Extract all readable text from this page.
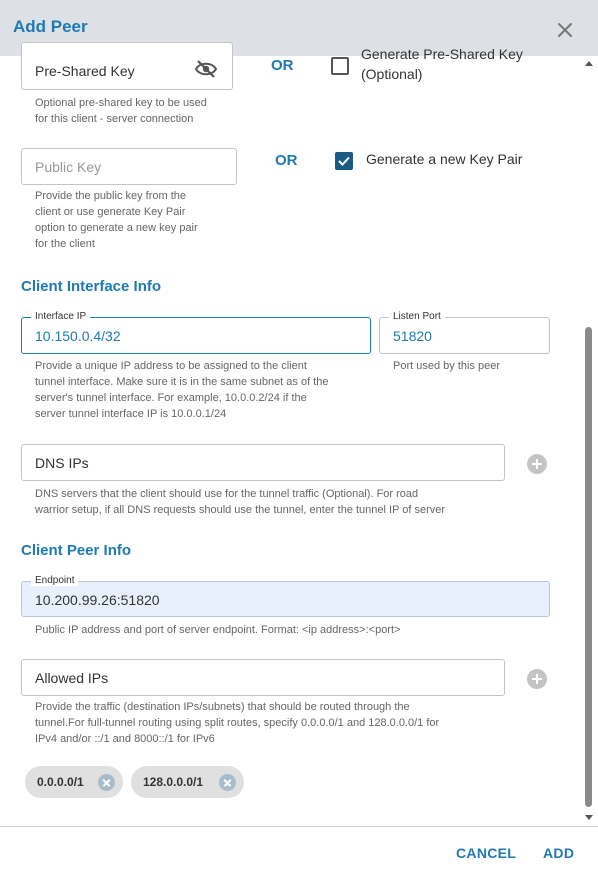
Add Peer
Pre-Shared Key
Optional pre-shared key to be used
for this client - server connection
OR
Generate Pre-Shared Key
(Optional)
Public Key
Provide the public key from the
client or use generate Key Pair
option to generate a new key pair
for the client
OR	Generate a new Key Pair
Client Interface Info
Interface IP
10.150.0.4/32
Provide a unique IP address to be assigned to the client
tunnel interface. Make sure it is in the same subnet as of the
server's tunnel interface. For example, 10.0.0.2/24 if the
server tunnel interface IP is 10.0.0.1/24
Listen Port
51820
Port used by this peer
DNS IPs
DNS servers that the client should use for the tunnel traffic (Optional). For road
warrior setup, if all DNS requests should use the tunnel, enter the tunnel IP of server
Client Peer Info
Endpoint
10.200.99.26:51820
Public IP address and port of server endpoint. Format: <ip address>:<port>
Allowed IPs
Provide the traffic (destination IPs/subnets) that should be routed through the
tunnel.For full-tunnel routing using split routes, specify 0.0.0.0/1 and 128.0.0.0/1 for
IPv4 and/or ::/1 and 8000::/1 for IPv6
0.0.0.0/1	128.0.0.0/1
CANCEL ADD
